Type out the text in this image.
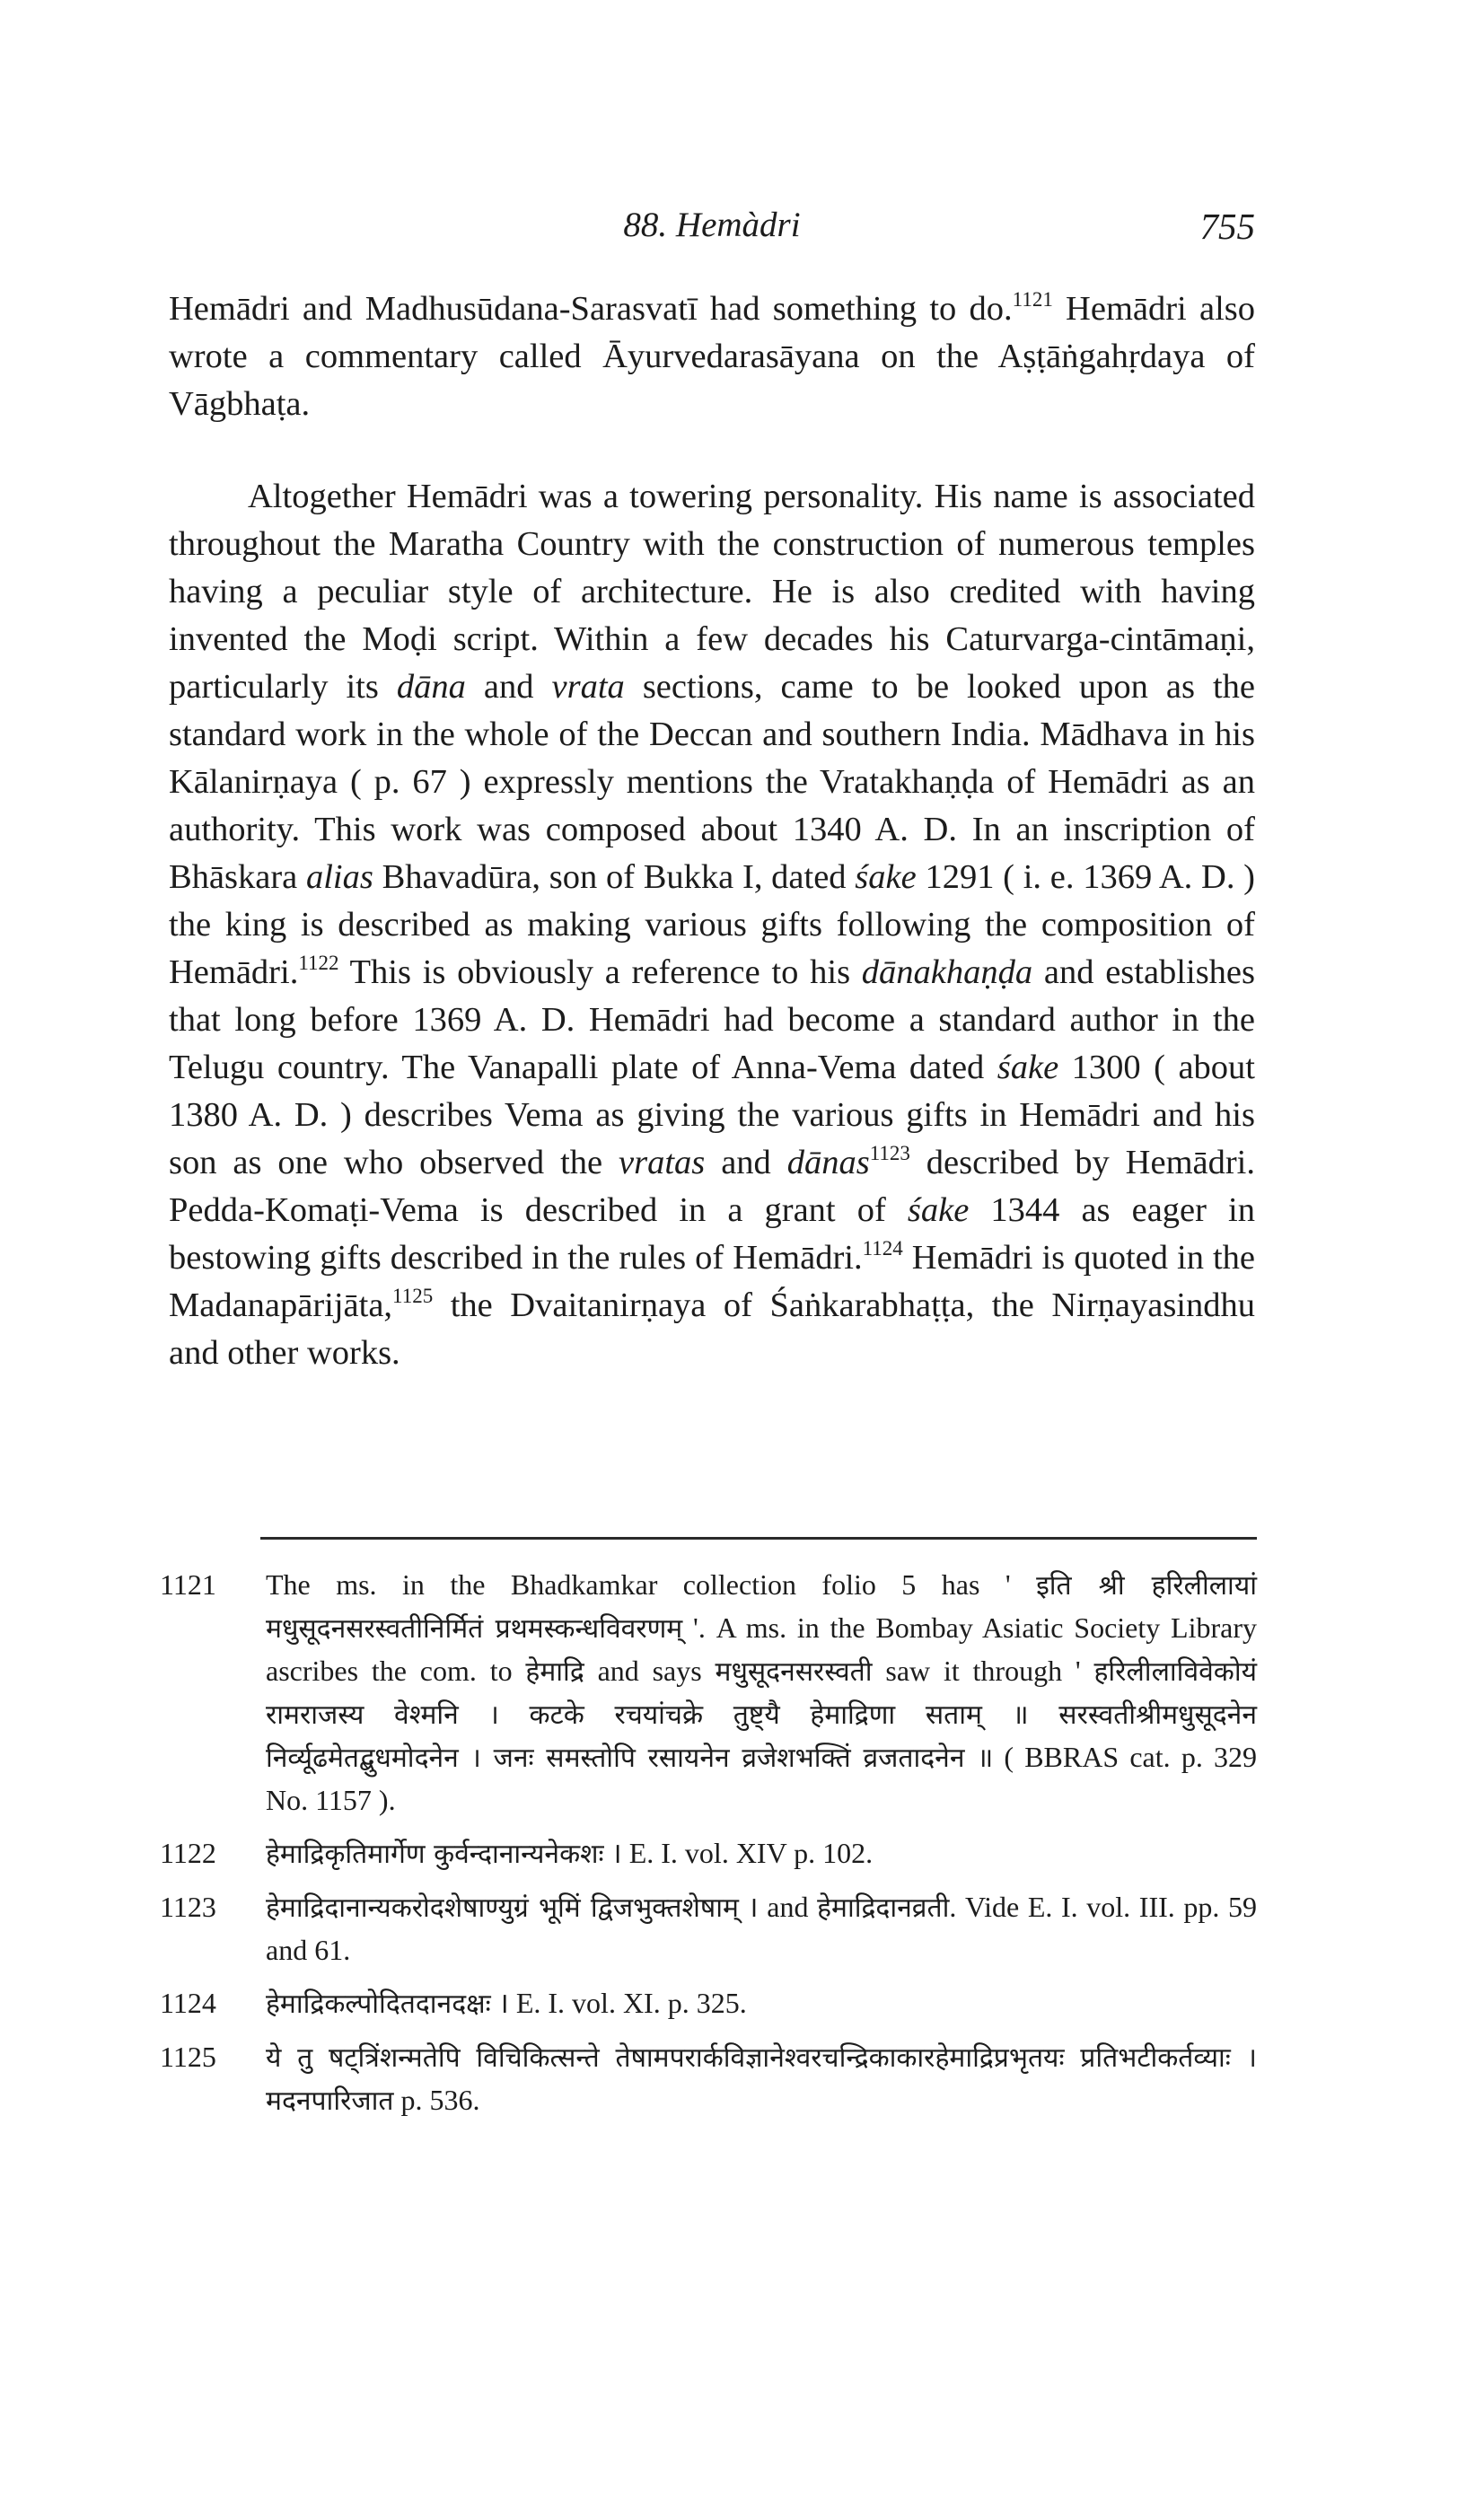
88. Hemàdri	755

Hemādri and Madhusūdana-Sarasvatī had something to do.$^{1121}$ Hemādri also wrote a commentary called Āyurvedarasāyana on the Aṣṭāṅgahṛdaya of Vāgbhaṭa.

Altogether Hemādri was a towering personality. His name is associated throughout the Maratha Country with the construction of numerous temples having a peculiar style of architecture. He is also credited with having invented the Moḍi script. Within a few decades his Caturvarga-cintāmaṇi, particularly its dāna and vrata sections, came to be looked upon as the standard work in the whole of the Deccan and southern India. Mādhava in his Kālanirṇaya ( p. 67 ) expressly mentions the Vratakhaṇḍa of Hemādri as an authority. This work was composed about 1340 A. D. In an inscription of Bhāskara alias Bhavadūra, son of Bukka I, dated śake 1291 ( i. e. 1369 A. D. ) the king is described as making various gifts following the composition of Hemādri.$^{1122}$ This is obviously a reference to his dānakhaṇḍa and establishes that long before 1369 A. D. Hemādri had become a standard author in the Telugu country. The Vanapalli plate of Anna-Vema dated śake 1300 ( about 1380 A. D. ) describes Vema as giving the various gifts in Hemādri and his son as one who observed the vratas and dānas$^{1123}$ described by Hemādri. Pedda-Komaṭi-Vema is described in a grant of śake 1344 as eager in bestowing gifts described in the rules of Hemādri.$^{1124}$ Hemādri is quoted in the Madanapārijāta,$^{1125}$ the Dvaitanirṇaya of Śaṅkarabhaṭṭa, the Nirṇayasindhu and other works.

1121 The ms. in the Bhadkamkar collection folio 5 has ' इति श्री हरिलीलायां मधुसूदनसरस्वतीनिर्मितं प्रथमस्कन्धविवरणम् '. A ms. in the Bombay Asiatic Society Library ascribes the com. to हेमाद्रि and says मधुसूदनसरस्वती saw it through ' हरिलीलाविवेकोयं रामराजस्य वेश्मनि । कटके रचयांचक्रे तुष्ट्यै हेमाद्रिणा सताम् ॥ सरस्वतीश्रीमधुसूदनेन निर्व्यूढमेतद्बुधमोदनेन । जनः समस्तोपि रसायनेन व्रजेशभक्तिं व्रजतादनेन ॥ ( BBRAS cat. p. 329 No. 1157 ).
1122 हेमाद्रिकृतिमार्गेण कुर्वन्दानान्यनेकशः । E. I. vol. XIV p. 102.
1123 हेमाद्रिदानान्यकरोदशेषाण्युग्रं भूमिं द्विजभुक्तशेषाम् । and हेमाद्रिदानव्रती. Vide E. I. vol. III. pp. 59 and 61.
1124 हेमाद्रिकल्पोदितदानदक्षः । E. I. vol. XI. p. 325.
1125 ये तु षट्त्रिंशन्मतेपि विचिकित्सन्ते तेषामपरार्कविज्ञानेश्वरचन्द्रिकाकारहेमाद्रिप्रभृतयः प्रतिभटीकर्तव्याः । मदनपारिजात p. 536.
